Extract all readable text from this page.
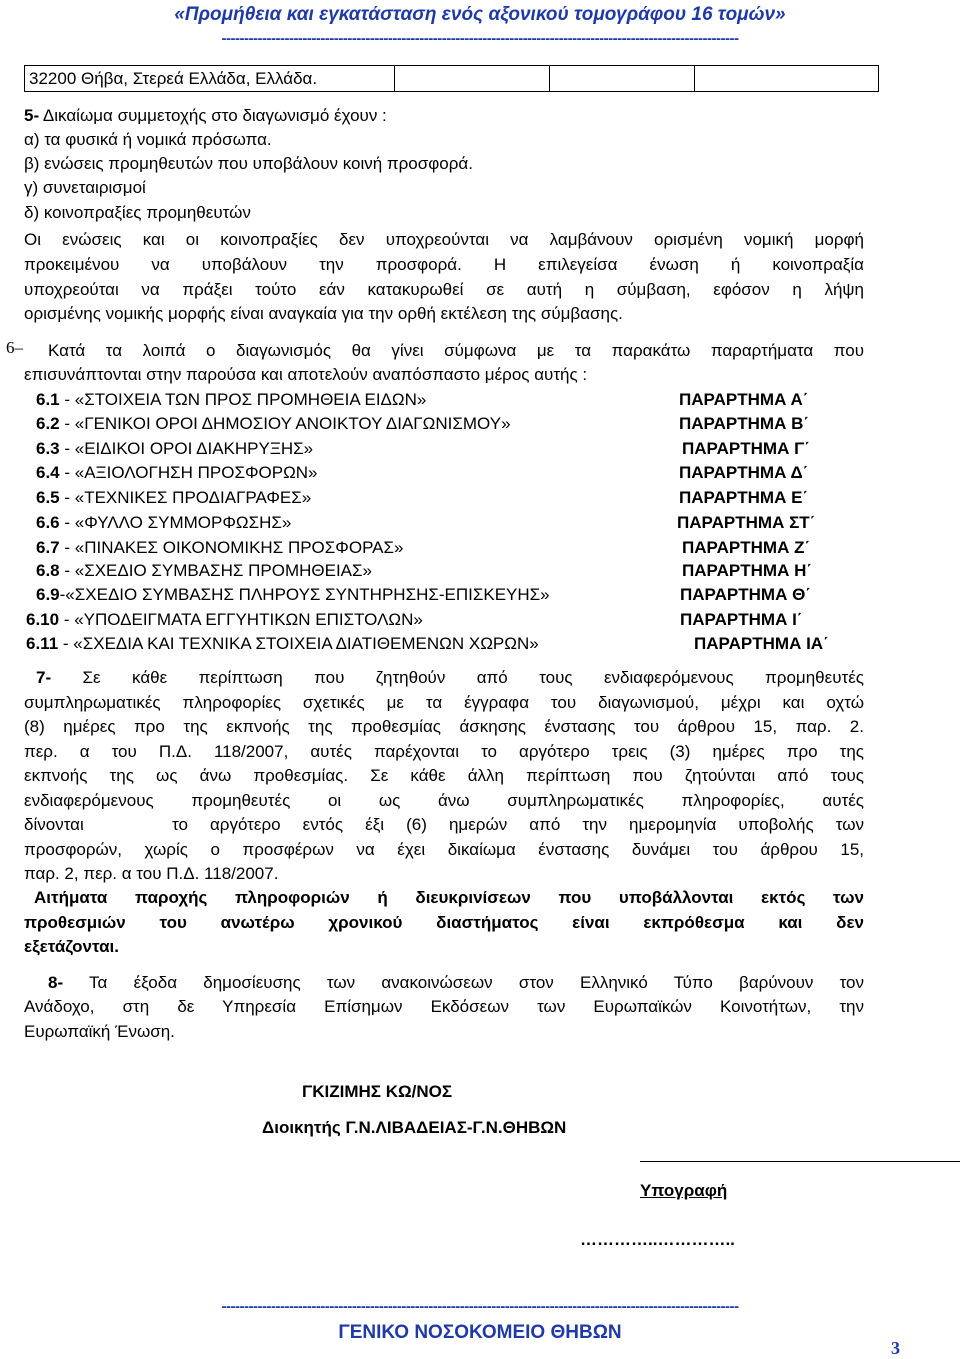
«Προμήθεια και εγκατάσταση ενός αξονικού τομογράφου 16 τομών»
-------------------------------------------------------------------------------------------------------------------
32200 Θήβα, Στερεά Ελλάδα, Ελλάδα.			
5- Δικαίωμα συμμετοχής στο διαγωνισμό έχουν :
α) τα φυσικά ή νομικά πρόσωπα.
β) ενώσεις προμηθευτών που υποβάλουν κοινή προσφορά.
γ) συνεταιρισμοί
δ) κοινοπραξίες προμηθευτών
Οι ενώσεις και οι κοινοπραξίες δεν υποχρεούνται να λαμβάνουν ορισμένη νομική μορφή
προκειμένου να υποβάλουν την προσφορά. Η επιλεγείσα ένωση ή κοινοπραξία
υποχρεούται να πράξει τούτο εάν κατακυρωθεί σε αυτή η σύμβαση, εφόσον η λήψη
ορισμένης νομικής μορφής είναι αναγκαία για την ορθή εκτέλεση της σύμβασης.
6– Κατά τα λοιπά ο διαγωνισμός θα γίνει σύμφωνα με τα παρακάτω παραρτήματα που
επισυνάπτονται στην παρούσα και αποτελούν αναπόσπαστο μέρος αυτής :
6.1 - «ΣΤΟΙΧΕΙΑ ΤΩΝ ΠΡΟΣ ΠΡΟΜΗΘΕΙΑ ΕΙΔΩΝ»	ΠΑΡΑΡΤΗΜΑ Α΄
6.2 - «ΓΕΝΙΚΟΙ ΟΡΟΙ ΔΗΜΟΣΙΟΥ ΑΝΟΙΚΤΟΥ ΔΙΑΓΩΝΙΣΜΟΥ»	ΠΑΡΑΡΤΗΜΑ Β΄
6.3 - «ΕΙΔΙΚΟΙ ΟΡΟΙ ΔΙΑΚΗΡΥΞΗΣ»	ΠΑΡΑΡΤΗΜΑ Γ΄
6.4 - «ΑΞΙΟΛΟΓΗΣΗ ΠΡΟΣΦΟΡΩΝ»	ΠΑΡΑΡΤΗΜΑ Δ΄
6.5 - «ΤΕΧΝΙΚΕΣ ΠΡΟΔΙΑΓΡΑΦΕΣ»	ΠΑΡΑΡΤΗΜΑ Ε΄
6.6 - «ΦΥΛΛΟ ΣΥΜΜΟΡΦΩΣΗΣ»	ΠΑΡΑΡΤΗΜΑ ΣΤ΄
6.7 - «ΠΙΝΑΚΕΣ ΟΙΚΟΝΟΜΙΚΗΣ ΠΡΟΣΦΟΡΑΣ»	ΠΑΡΑΡΤΗΜΑ Ζ΄
6.8 - «ΣΧΕΔΙΟ ΣΥΜΒΑΣΗΣ ΠΡΟΜΗΘΕΙΑΣ»	ΠΑΡΑΡΤΗΜΑ Η΄
6.9-«ΣΧΕΔΙΟ ΣΥΜΒΑΣΗΣ ΠΛΗΡΟΥΣ ΣΥΝΤΗΡΗΣΗΣ-ΕΠΙΣΚΕΥΗΣ»	ΠΑΡΑΡΤΗΜΑ Θ΄
6.10 - «ΥΠΟΔΕΙΓΜΑΤΑ ΕΓΓΥΗΤΙΚΩΝ ΕΠΙΣΤΟΛΩΝ»	ΠΑΡΑΡΤΗΜΑ Ι΄
6.11 - «ΣΧΕΔΙΑ ΚΑΙ ΤΕΧΝΙΚΑ ΣΤΟΙΧΕΙΑ ΔΙΑΤΙΘΕΜΕΝΩΝ ΧΩΡΩΝ»	ΠΑΡΑΡΤΗΜΑ ΙΑ΄
7- Σε κάθε περίπτωση που ζητηθούν από τους ενδιαφερόμενους προμηθευτές
συμπληρωματικές πληροφορίες σχετικές με τα έγγραφα του διαγωνισμού, μέχρι και οχτώ
(8) ημέρες προ της εκπνοής της προθεσμίας άσκησης ένστασης του άρθρου 15, παρ. 2.
περ. α του Π.Δ. 118/2007, αυτές παρέχονται το αργότερο τρεις (3) ημέρες προ της
εκπνοής της ως άνω προθεσμίας. Σε κάθε άλλη περίπτωση που ζητούνται από τους
ενδιαφερόμενους προμηθευτές οι ως άνω συμπληρωματικές πληροφορίες, αυτές
δίνονται    το αργότερο εντός έξι (6) ημερών από την ημερομηνία υποβολής των
προσφορών, χωρίς ο προσφέρων να έχει δικαίωμα ένστασης δυνάμει του άρθρου 15,
παρ. 2, περ. α του Π.Δ. 118/2007.
Αιτήματα παροχής πληροφοριών ή διευκρινίσεων που υποβάλλονται εκτός των
προθεσμιών του ανωτέρω χρονικού διαστήματος είναι εκπρόθεσμα και δεν
εξετάζονται.
8- Τα έξοδα δημοσίευσης των ανακοινώσεων στον Ελληνικό Τύπο βαρύνουν τον
Ανάδοχο, στη δε Υπηρεσία Επίσημων Εκδόσεων των Ευρωπαϊκών Κοινοτήτων, την
Ευρωπαϊκή Ένωση.
ΓΚΙΖΙΜΗΣ ΚΩ/ΝΟΣ
Διοικητής Γ.Ν.ΛΙΒΑΔΕΙΑΣ-Γ.Ν.ΘΗΒΩΝ
Υπογραφή
…………..…………..
-------------------------------------------------------------------------------------------------------------------
ΓΕΝΙΚΟ ΝΟΣΟΚΟΜΕΙΟ ΘΗΒΩΝ
3
